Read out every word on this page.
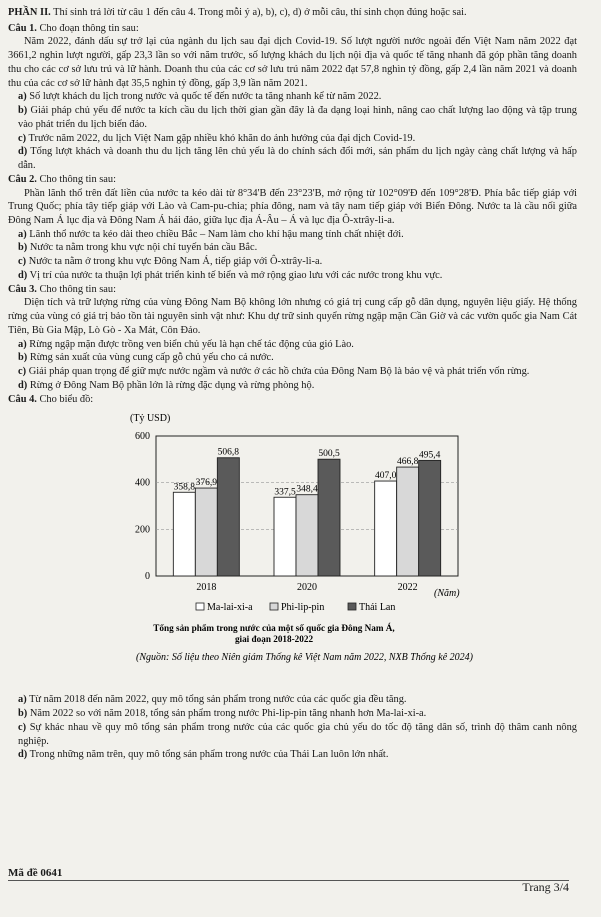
PHẦN II. Thí sinh trả lời từ câu 1 đến câu 4. Trong mỗi ý a), b), c), d) ở mỗi câu, thí sinh chọn đúng hoặc sai.

Câu 1. Cho đoạn thông tin sau:

Năm 2022, đánh dấu sự trở lại của ngành du lịch sau đại dịch Covid-19. Số lượt người nước ngoài đến Việt Nam năm 2022 đạt 3661,2 nghìn lượt người, gấp 23,3 lần so với năm trước, số lượng khách du lịch nội địa và quốc tế tăng nhanh đã góp phần tăng doanh thu cho các cơ sở lưu trú và lữ hành. Doanh thu của các cơ sở lưu trú năm 2022 đạt 57,8 nghìn tỷ đồng, gấp 2,4 lần năm 2021 và doanh thu của các cơ sở lữ hành đạt 35,5 nghìn tỷ đồng, gấp 3,9 lần năm 2021.

a) Số lượt khách du lịch trong nước và quốc tế đến nước ta tăng nhanh kể từ năm 2022.

b) Giải pháp chủ yếu để nước ta kích cầu du lịch thời gian gần đây là đa dạng loại hình, nâng cao chất lượng lao động và tập trung vào phát triển du lịch biển đảo.

c) Trước năm 2022, du lịch Việt Nam gặp nhiều khó khăn do ảnh hưởng của đại dịch Covid-19.

d) Tổng lượt khách và doanh thu du lịch tăng lên chủ yếu là do chính sách đổi mới, sản phẩm du lịch ngày càng chất lượng và hấp dẫn.

Câu 2. Cho thông tin sau:

Phần lãnh thổ trên đất liền của nước ta kéo dài từ 8°34'B đến 23°23'B, mở rộng từ 102°09'Đ đến 109°28'Đ. Phía bắc tiếp giáp với Trung Quốc; phía tây tiếp giáp với Lào và Cam-pu-chia; phía đông, nam và tây nam tiếp giáp với Biển Đông. Nước ta là cầu nối giữa Đông Nam Á lục địa và Đông Nam Á hải đảo, giữa lục địa Á-Âu – Á và lục địa Ô-xtrây-li-a.

a) Lãnh thổ nước ta kéo dài theo chiều Bắc – Nam làm cho khí hậu mang tính chất nhiệt đới.

b) Nước ta nằm trong khu vực nội chí tuyến bán cầu Bắc.

c) Nước ta nằm ở trong khu vực Đông Nam Á, tiếp giáp với Ô-xtrây-li-a.

d) Vị trí của nước ta thuận lợi phát triển kinh tế biển và mở rộng giao lưu với các nước trong khu vực.

Câu 3. Cho thông tin sau:

Diện tích và trữ lượng rừng của vùng Đông Nam Bộ không lớn nhưng có giá trị cung cấp gỗ dân dụng, nguyên liệu giấy. Hệ thống rừng của vùng có giá trị bảo tồn tài nguyên sinh vật như: Khu dự trữ sinh quyển rừng ngập mặn Cần Giờ và các vườn quốc gia Nam Cát Tiên, Bù Gia Mập, Lò Gò - Xa Mát, Côn Đảo.

a) Rừng ngập mặn được trồng ven biển chủ yếu là hạn chế tác động của gió Lào.

b) Rừng sản xuất của vùng cung cấp gỗ chủ yếu cho cả nước.

c) Giải pháp quan trọng để giữ mực nước ngầm và nước ở các hồ chứa của Đông Nam Bộ là bảo vệ và phát triển vốn rừng.

d) Rừng ở Đông Nam Bộ phần lớn là rừng đặc dụng và rừng phòng hộ.

Câu 4. Cho biểu đồ:

(Tỷ USD)
0
200
400
600
358,8 376,9
506,8
337,5 348,4
500,5
407,0
466,8
495,4
2018	2020	2022
(Năm)
Ma-lai-xi-a	Phi-lip-pin	Thái Lan
Tổng sản phẩm trong nước của một số quốc gia Đông Nam Á,
giai đoạn 2018-2022
(Nguồn: Số liệu theo Niên giám Thống kê Việt Nam năm 2022, NXB Thống kê 2024)

a) Từ năm 2018 đến năm 2022, quy mô tổng sản phẩm trong nước của các quốc gia đều tăng.

b) Năm 2022 so với năm 2018, tổng sản phẩm trong nước Phi-lip-pin tăng nhanh hơn Ma-lai-xi-a.

c) Sự khác nhau về quy mô tổng sản phẩm trong nước của các quốc gia chủ yếu do tốc độ tăng dân số, trình độ thâm canh nông nghiệp.

d) Trong những năm trên, quy mô tổng sản phẩm trong nước của Thái Lan luôn lớn nhất.

Mã đề 0641
Trang 3/4
